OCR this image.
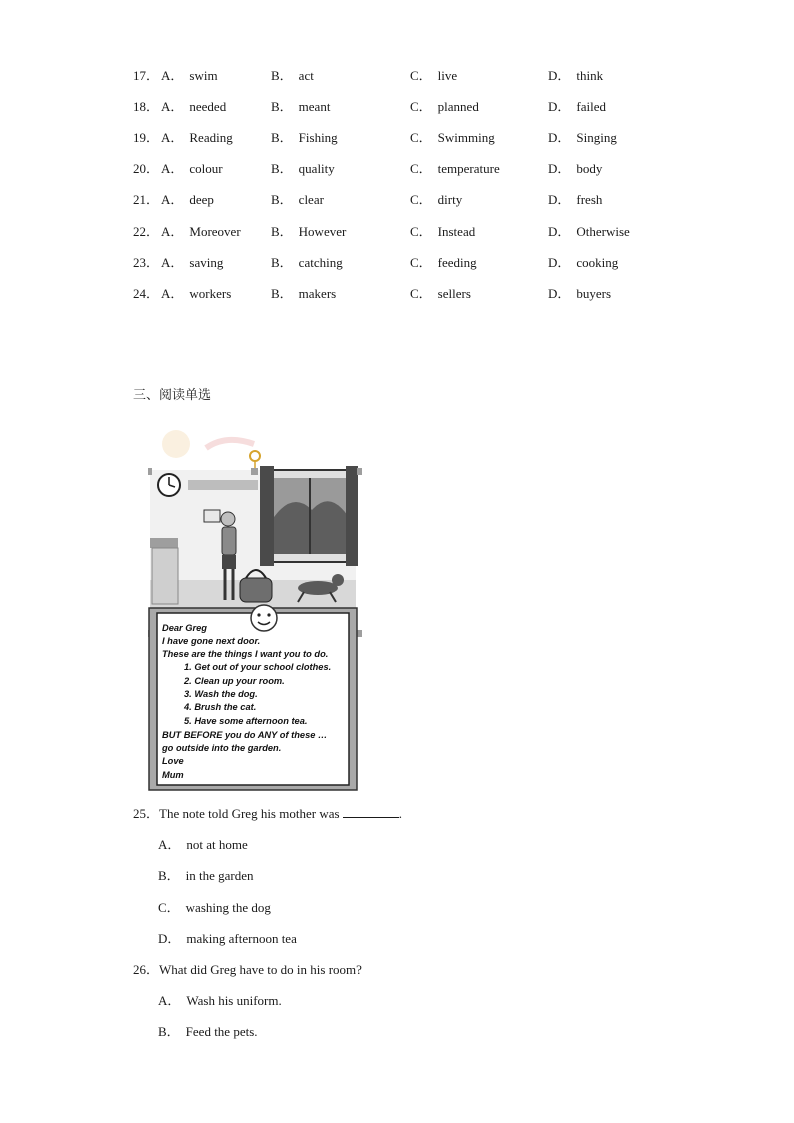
17． A． swim	B． act	C． live	D． think
18． A． needed	B． meant	C． planned	D． failed
19． A． Reading	B． Fishing	C． Swimming	D． Singing
20． A． colour	B． quality	C． temperature	D． body
21． A． deep	B． clear	C． dirty	D． fresh
22． A． Moreover B． However	C． Instead	D． Otherwise
23． A． saving	B． catching	C． feeding	D． cooking
24． A． workers	B． makers	C． sellers	D． buyers
三、阅读单选
Dear Greg
I have gone next door.
These are the things I want you to do.
1. Get out of your school clothes.
2. Clean up your room.
3. Wash the dog.
4. Brush the cat.
5. Have some afternoon tea.
BUT BEFORE you do ANY of these …
go outside into the garden.
Love
Mum
25．The note told Greg his mother was	.
A． not at home
B． in the garden
C． washing the dog
D． making afternoon tea
26．What did Greg have to do in his room?
A． Wash his uniform.
B． Feed the pets.
